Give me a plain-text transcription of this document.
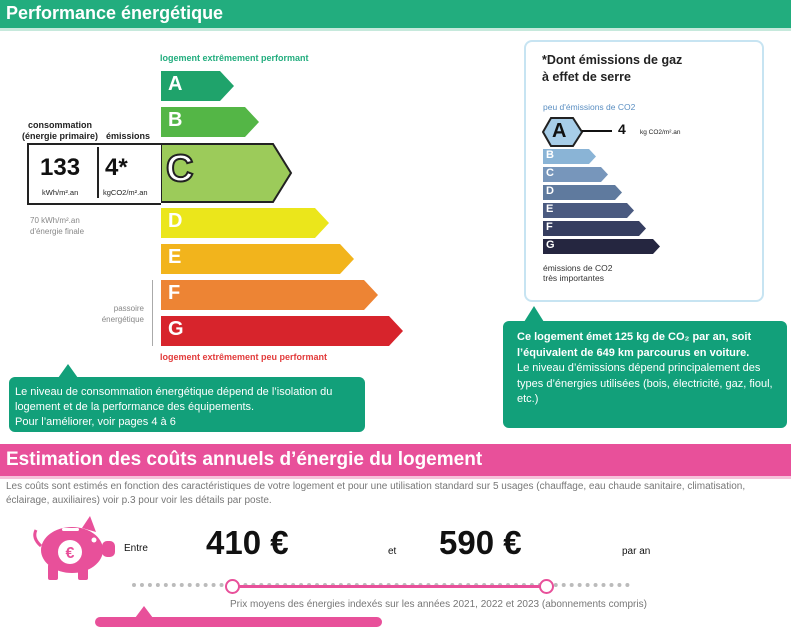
Performance énergétique
logement extrêmement performant
A
B
C
D
E
F
G
logement extrêmement peu performant
consommation
(énergie primaire) émissions
133
kWh/m².an
4*
kgCO2/m².an
70 kWh/m².an
d'énergie finale
passoire
énergétique
Le niveau de consommation énergétique dépend de l’isolation du logement et de la performance des équipements.
Pour l’améliorer, voir pages 4 à 6
*Dont émissions de gaz
à effet de serre
peu d'émissions de CO2
A
B
C
D
E
F
G
4 kg CO2/m².an
émissions de CO2
très importantes
Ce logement émet 125 kg de CO₂ par an, soit l’équivalent de 649 km parcourus en voiture.
Le niveau d’émissions dépend principalement des types d’énergies utilisées (bois, électricité, gaz, fioul, etc.)
Estimation des coûts annuels d’énergie du logement
Les coûts sont estimés en fonction des caractéristiques de votre logement et pour une utilisation standard sur 5 usages (chauffage, eau chaude sanitaire, climatisation, éclairage, auxiliaires) voir p.3 pour voir les détails par poste.
€	Entre 410 €	et 590 €	par an
Prix moyens des énergies indexés sur les années 2021, 2022 et 2023 (abonnements compris)
